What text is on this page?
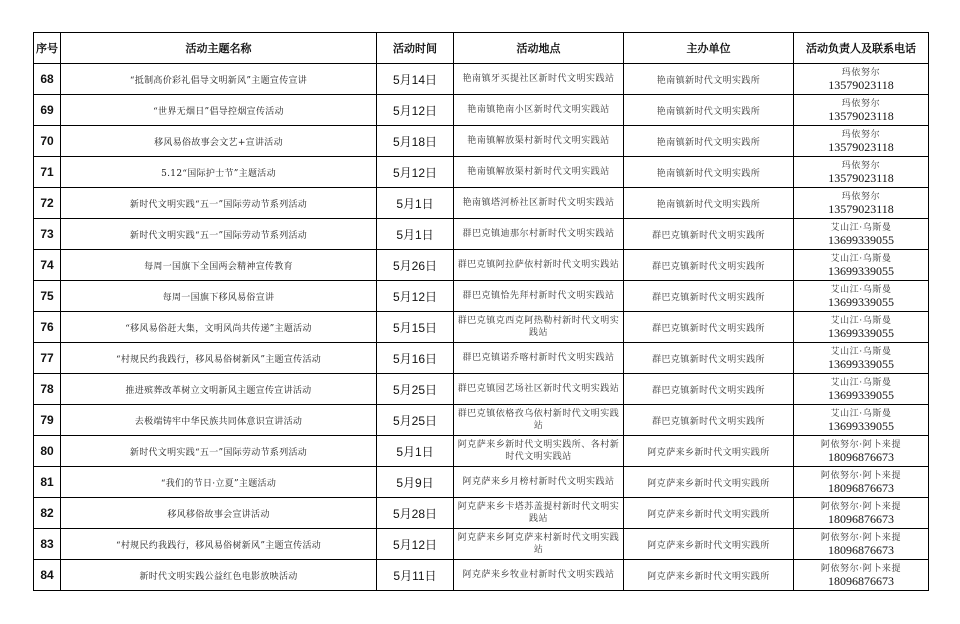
序号	活动主题名称	活动时间	活动地点	主办单位	活动负责人及联系电话
68	“抵制高价彩礼倡导文明新风”主题宣传宣讲	5月14日	艳南镇牙买提社区新时代文明实践站	艳南镇新时代文明实践所	玛依努尔
13579023118

69	“世界无烟日”倡导控烟宣传活动	5月12日	艳南镇艳南小区新时代文明实践站	艳南镇新时代文明实践所	玛依努尔
13579023118

70	移风易俗故事会文艺+宣讲活动	5月18日	艳南镇解放渠村新时代文明实践站	艳南镇新时代文明实践所	玛依努尔
13579023118

71	5.12“国际护士节”主题活动	5月12日	艳南镇解放渠村新时代文明实践站	艳南镇新时代文明实践所	玛依努尔
13579023118

72	新时代文明实践“五一”国际劳动节系列活动	5月1日	艳南镇塔河桥社区新时代文明实践站	艳南镇新时代文明实践所	玛依努尔
13579023118

73	新时代文明实践“五一”国际劳动节系列活动	5月1日	群巴克镇迪那尔村新时代文明实践站	群巴克镇新时代文明实践所	艾山江·乌斯曼
13699339055

74	每周一国旗下全国两会精神宣传教育	5月26日	群巴克镇阿拉萨依村新时代文明实践站	群巴克镇新时代文明实践所	艾山江·乌斯曼
13699339055

75	每周一国旗下移风易俗宣讲	5月12日	群巴克镇恰先拜村新时代文明实践站	群巴克镇新时代文明实践所	艾山江·乌斯曼
13699339055

76	“移风易俗赶大集，文明风尚共传递”主题活动	5月15日	群巴克镇克西克阿热勒村新时代文明实践站	群巴克镇新时代文明实践所	艾山江·乌斯曼
13699339055

77	“村规民约我践行，移风易俗树新风”主题宣传活动	5月16日	群巴克镇诺乔喀村新时代文明实践站	群巴克镇新时代文明实践所	艾山江·乌斯曼
13699339055

78	推进殡葬改革树立文明新风主题宣传宣讲活动	5月25日	群巴克镇园艺场社区新时代文明实践站	群巴克镇新时代文明实践所	艾山江·乌斯曼
13699339055

79	去极端铸牢中华民族共同体意识宣讲活动	5月25日	群巴克镇依格孜乌依村新时代文明实践站	群巴克镇新时代文明实践所	艾山江·乌斯曼
13699339055

80	新时代文明实践“五一”国际劳动节系列活动	5月1日	阿克萨来乡新时代文明实践所、各村新时代文明实践站	阿克萨来乡新时代文明实践所	阿依努尔·阿卜来提
18096876673

81	“我们的节日·立夏”主题活动	5月9日	阿克萨来乡月榜村新时代文明实践站	阿克萨来乡新时代文明实践所	阿依努尔·阿卜来提
18096876673

82	移风移俗故事会宣讲活动	5月28日	阿克萨来乡卡塔苏盖提村新时代文明实践站	阿克萨来乡新时代文明实践所	阿依努尔·阿卜来提
18096876673

83	“村规民约我践行，移风易俗树新风”主题宣传活动	5月12日	阿克萨来乡阿克萨来村新时代文明实践站	阿克萨来乡新时代文明实践所	阿依努尔·阿卜来提
18096876673

84	新时代文明实践公益红色电影放映活动	5月11日	阿克萨来乡牧业村新时代文明实践站	阿克萨来乡新时代文明实践所	阿依努尔·阿卜来提
18096876673
